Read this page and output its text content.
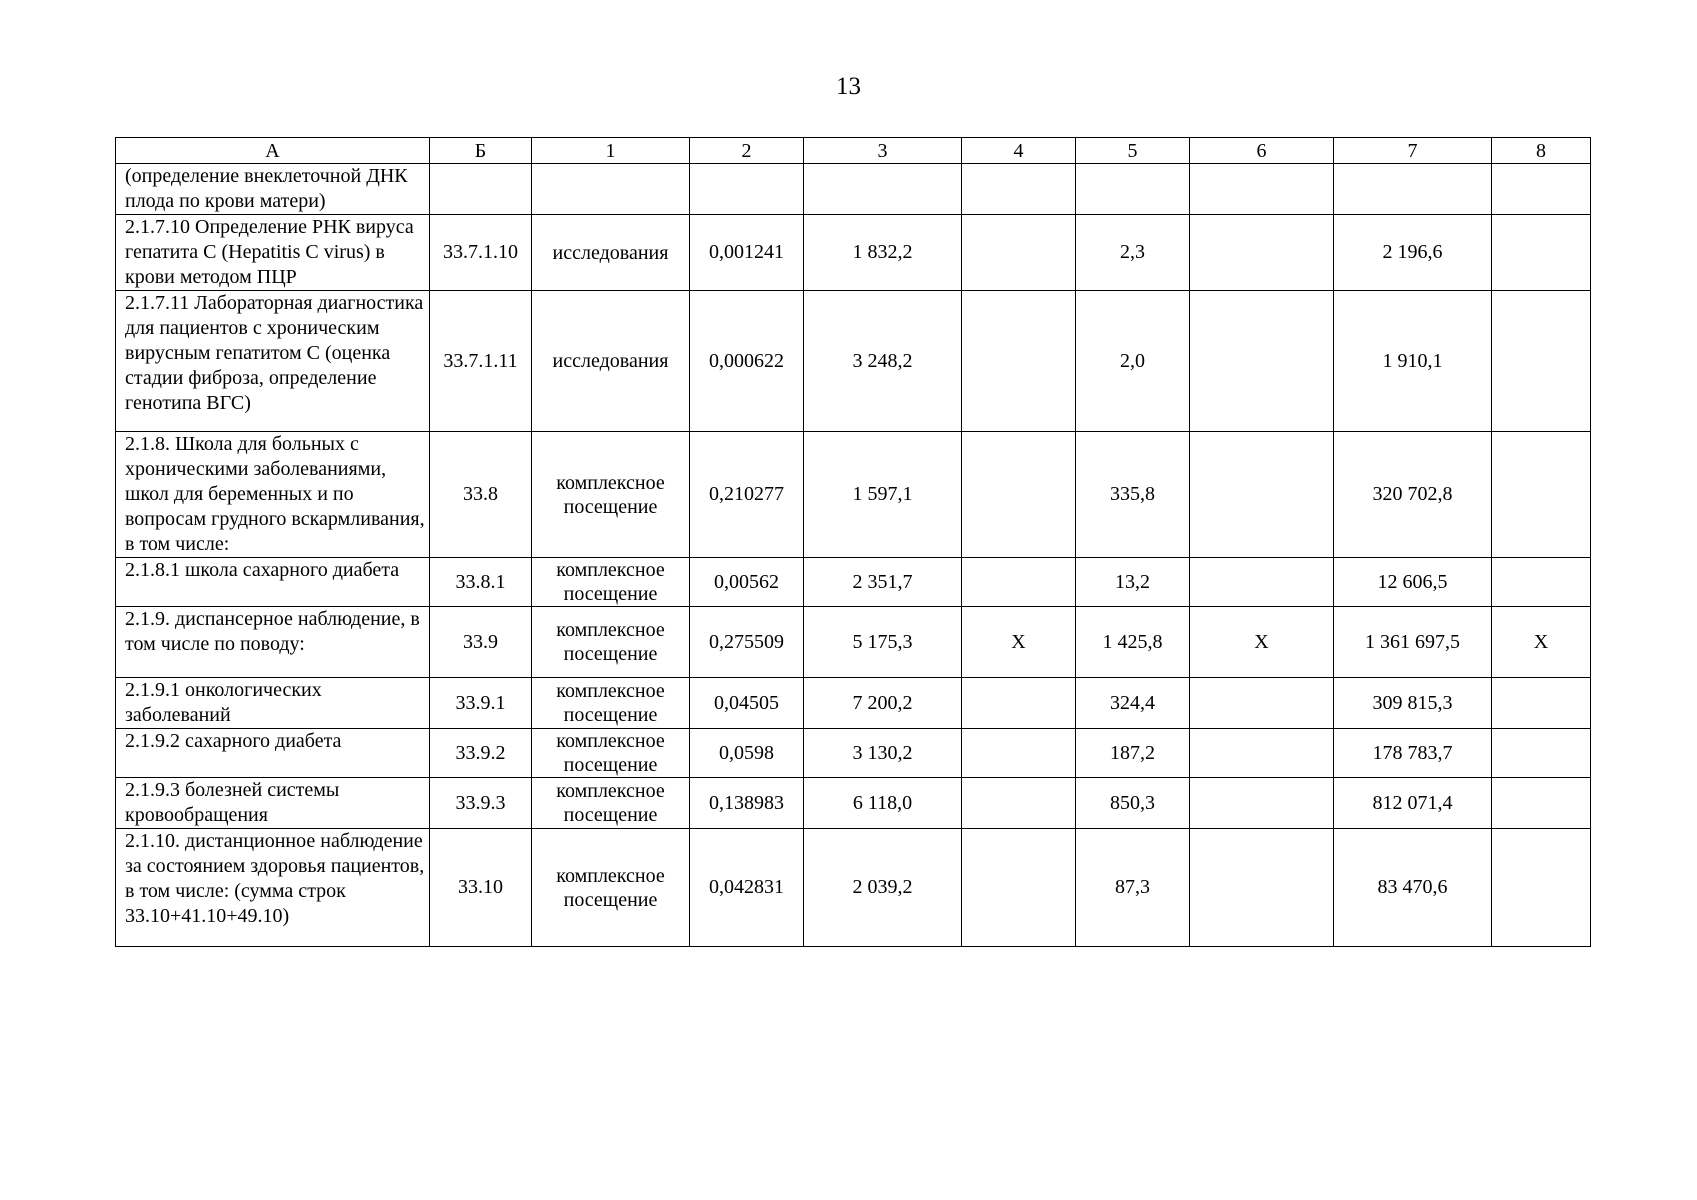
13
А	Б	1	2	3	4	5	6	7	8
(определение внеклеточной ДНК плода по крови матери)									
2.1.7.10 Определение РНК вируса гепатита С (Hepatitis C virus) в крови методом ПЦР	33.7.1.10	исследования	0,001241	1 832,2		2,3		2 196,6	
2.1.7.11 Лабораторная диагностика для пациентов с хроническим вирусным гепатитом С (оценка стадии фиброза, определение генотипа ВГС)	33.7.1.11	исследования	0,000622	3 248,2		2,0		1 910,1	
2.1.8. Школа для больных с хроническими заболеваниями, школ для беременных и по вопросам грудного вскармливания, в том числе:	33.8	комплексное посещение	0,210277	1 597,1		335,8		320 702,8	
2.1.8.1 школа сахарного диабета	33.8.1	комплексное посещение	0,00562	2 351,7		13,2		12 606,5	
2.1.9. диспансерное наблюдение, в том числе по поводу:	33.9	комплексное посещение	0,275509	5 175,3	Х	1 425,8	Х	1 361 697,5	Х
2.1.9.1 онкологических заболеваний	33.9.1	комплексное посещение	0,04505	7 200,2		324,4		309 815,3	
2.1.9.2 сахарного диабета	33.9.2	комплексное посещение	0,0598	3 130,2		187,2		178 783,7	
2.1.9.3 болезней системы кровообращения	33.9.3	комплексное посещение	0,138983	6 118,0		850,3		812 071,4	
2.1.10. дистанционное наблюдение за состоянием здоровья пациентов, в том числе: (сумма строк 33.10+41.10+49.10)	33.10	комплексное посещение	0,042831	2 039,2		87,3		83 470,6	
